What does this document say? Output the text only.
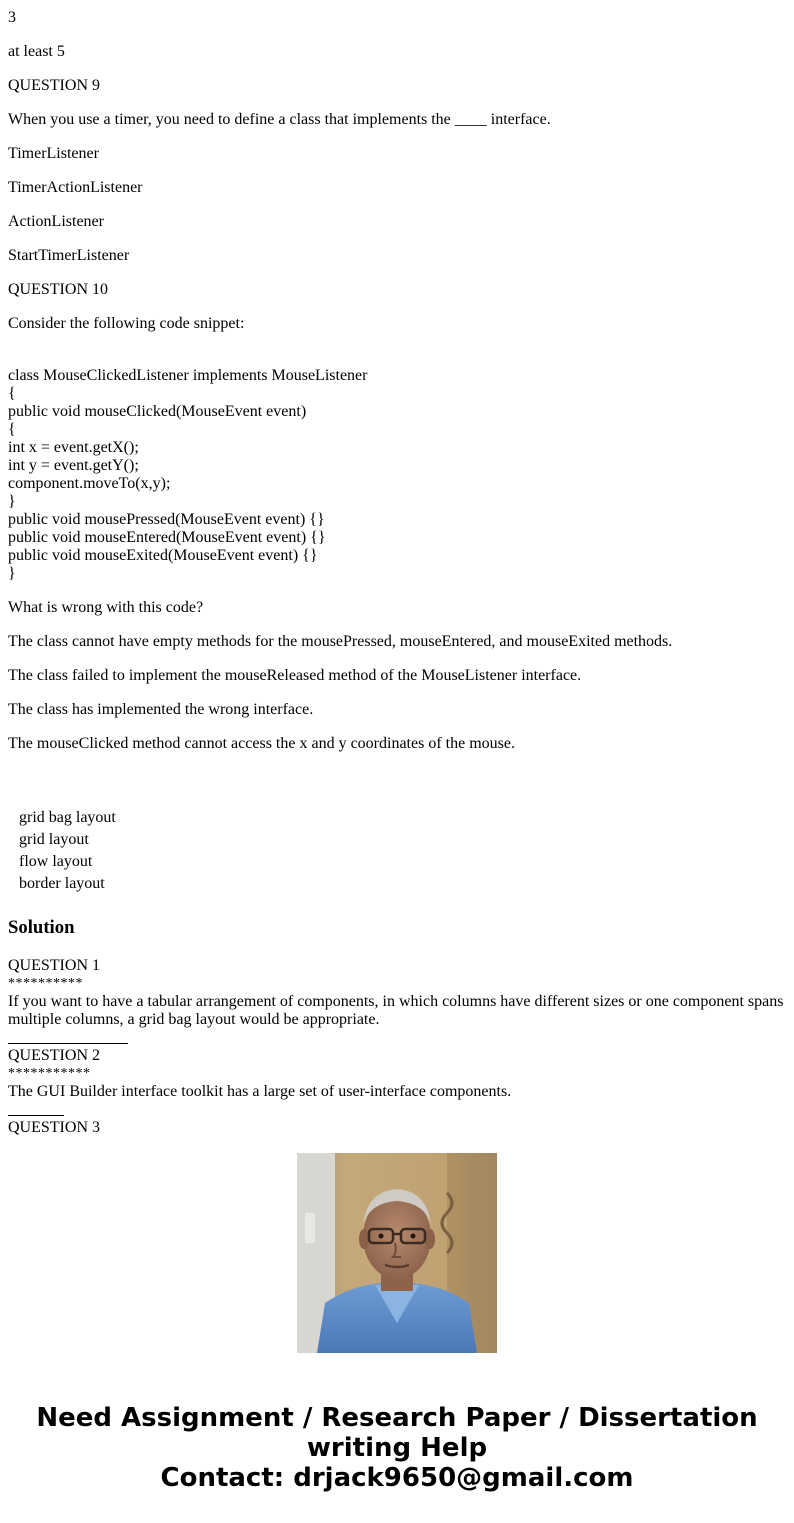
3

at least 5

QUESTION 9

When you use a timer, you need to define a class that implements the ____ interface.

TimerListener

TimerActionListener

ActionListener

StartTimerListener

QUESTION 10

Consider the following code snippet:

class MouseClickedListener implements MouseListener
{
public void mouseClicked(MouseEvent event)
{
int x = event.getX();
int y = event.getY();
component.moveTo(x,y);
}
public void mousePressed(MouseEvent event) {}
public void mouseEntered(MouseEvent event) {}
public void mouseExited(MouseEvent event) {}
}

What is wrong with this code?

The class cannot have empty methods for the mousePressed, mouseEntered, and mouseExited methods.

The class failed to implement the mouseReleased method of the MouseListener interface.

The class has implemented the wrong interface.

The mouseClicked method cannot access the x and y coordinates of the mouse.

grid bag layout
grid layout
flow layout
border layout
Solution
QUESTION 1
**********
If you want to have a tabular arrangement of components, in which columns have different sizes or one component spans multiple columns, a grid bag layout would be appropriate.
QUESTION 2
***********
The GUI Builder interface toolkit has a large set of user-interface components.
QUESTION 3
Need Assignment / Research Paper / Dissertation
writing Help
Contact: drjack9650@gmail.com
